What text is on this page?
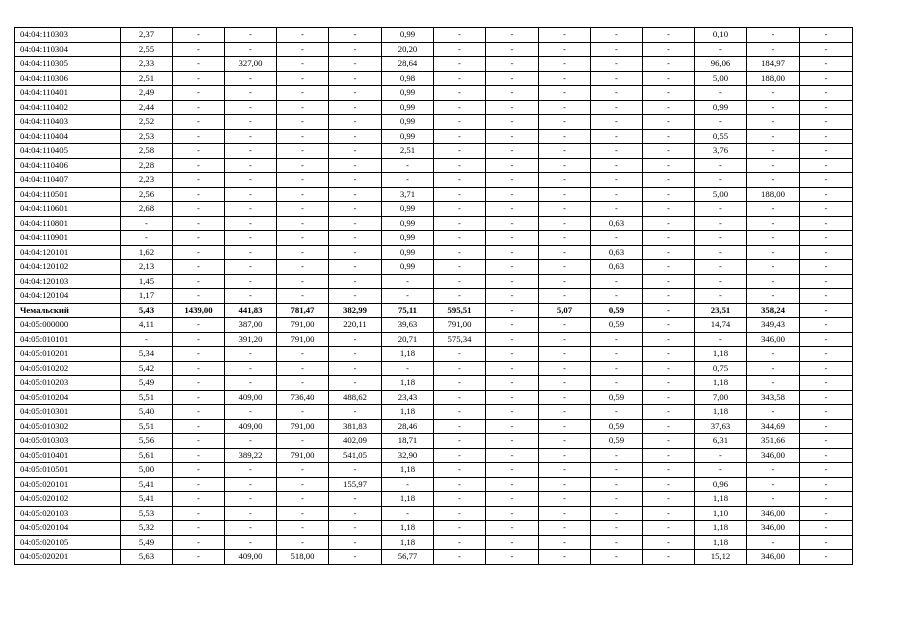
04:04:110303	2,37	-	-	-	-	0,99	-	-	-	-	-	0,10	-	-
04:04:110304	2,55	-	-	-	-	20,20	-	-	-	-	-	-	-	-
04:04:110305	2,33	-	327,00	-	-	28,64	-	-	-	-	-	96,06	184,97	-
04:04:110306	2,51	-	-	-	-	0,98	-	-	-	-	-	5,00	188,00	-
04:04:110401	2,49	-	-	-	-	0,99	-	-	-	-	-	-	-	-
04:04:110402	2,44	-	-	-	-	0,99	-	-	-	-	-	0,99	-	-
04:04:110403	2,52	-	-	-	-	0,99	-	-	-	-	-	-	-	-
04:04:110404	2,53	-	-	-	-	0,99	-	-	-	-	-	0,55	-	-
04:04:110405	2,58	-	-	-	-	2,51	-	-	-	-	-	3,76	-	-
04:04:110406	2,28	-	-	-	-	-	-	-	-	-	-	-	-	-
04:04:110407	2,23	-	-	-	-	-	-	-	-	-	-	-	-	-
04:04:110501	2,56	-	-	-	-	3,71	-	-	-	-	-	5,00	188,00	-
04:04:110601	2,68	-	-	-	-	0,99	-	-	-	-	-	-	-	-
04:04:110801	-	-	-	-	-	0,99	-	-	-	0,63	-	-	-	-
04:04:110901	-	-	-	-	-	0,99	-	-	-	-	-	-	-	-
04:04:120101	1,62	-	-	-	-	0,99	-	-	-	0,63	-	-	-	-
04:04:120102	2,13	-	-	-	-	0,99	-	-	-	0,63	-	-	-	-
04:04:120103	1,45	-	-	-	-	-	-	-	-	-	-	-	-	-
04:04:120104	1,17	-	-	-	-	-	-	-	-	-	-	-	-	-
Чемальский	5,43	1439,00	441,83	781,47	382,99	75,11	595,51	-	5,07	0,59	-	23,51	358,24	-
04:05:000000	4,11	-	387,00	791,00	220,11	39,63	791,00	-	-	0,59	-	14,74	349,43	-
04:05:010101	-	-	391,20	791,00	-	20,71	575,34	-	-	-	-	-	346,00	-
04:05:010201	5,34	-	-	-	-	1,18	-	-	-	-	-	1,18	-	-
04:05:010202	5,42	-	-	-	-	-	-	-	-	-	-	0,75	-	-
04:05:010203	5,49	-	-	-	-	1,18	-	-	-	-	-	1,18	-	-
04:05:010204	5,51	-	409,00	736,40	488,62	23,43	-	-	-	0,59	-	7,00	343,58	-
04:05:010301	5,40	-	-	-	-	1,18	-	-	-	-	-	1,18	-	-
04:05:010302	5,51	-	409,00	791,00	381,83	28,46	-	-	-	0,59	-	37,63	344,69	-
04:05:010303	5,56	-	-	-	402,09	18,71	-	-	-	0,59	-	6,31	351,66	-
04:05:010401	5,61	-	389,22	791,00	541,05	32,90	-	-	-	-	-	-	346,00	-
04:05:010501	5,00	-	-	-	-	1,18	-	-	-	-	-	-	-	-
04:05:020101	5,41	-	-	-	155,97	-	-	-	-	-	-	0,96	-	-
04:05:020102	5,41	-	-	-	-	1,18	-	-	-	-	-	1,18	-	-
04:05:020103	5,53	-	-	-	-	-	-	-	-	-	-	1,10	346,00	-
04:05:020104	5,32	-	-	-	-	1,18	-	-	-	-	-	1,18	346,00	-
04:05:020105	5,49	-	-	-	-	1,18	-	-	-	-	-	1,18	-	-
04:05:020201	5,63	-	409,00	518,00	-	56,77	-	-	-	-	-	15,12	346,00	-
